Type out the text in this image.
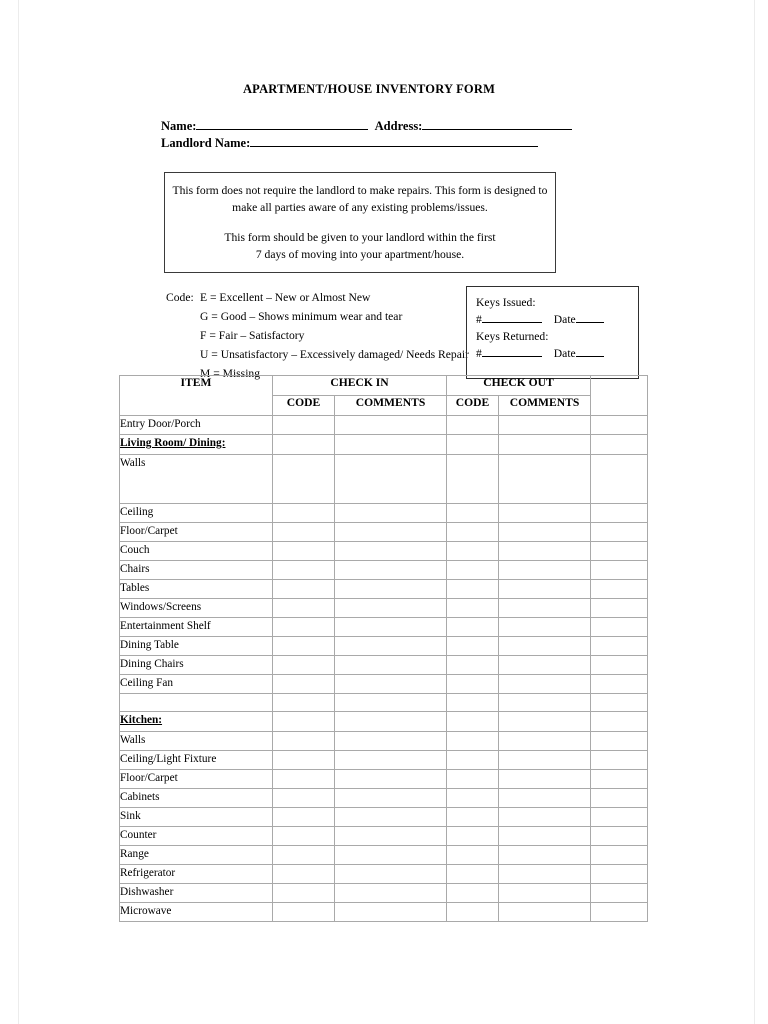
APARTMENT/HOUSE INVENTORY FORM
Name:	Address:
Landlord Name:
This form does not require the landlord to make repairs. This form is designed to
make all parties aware of any existing problems/issues.
This form should be given to your landlord within the first
7 days of moving into your apartment/house.
Code: E = Excellent – New or Almost New
G = Good – Shows minimum wear and tear
F = Fair – Satisfactory
U = Unsatisfactory – Excessively damaged/ Needs Repair
M = Missing
Keys Issued:
#	Date
Keys Returned:
#	Date
ITEM	CHECK IN		CHECK OUT		
	CODE	COMMENTS	CODE	COMMENTS	
Entry Door/Porch					
Living Room/ Dining:					
Walls					
Ceiling					
Floor/Carpet					
Couch					
Chairs					
Tables					
Windows/Screens					
Entertainment Shelf					
Dining Table					
Dining Chairs					
Ceiling Fan					

Kitchen:					
Walls					
Ceiling/Light Fixture					
Floor/Carpet					
Cabinets					
Sink					
Counter					
Range					
Refrigerator					
Dishwasher					
Microwave					
